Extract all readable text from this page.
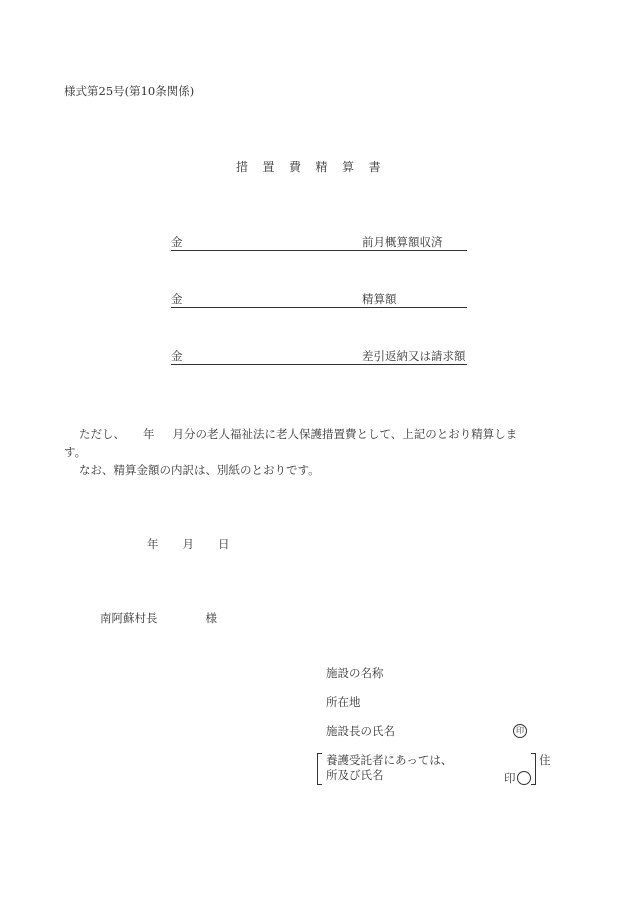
様式第25号(第10条関係)
措 置 費 精 算 書
金	前月概算額収済
金	精算額
金	差引返納又は請求額

ただし、 年 月分の老人福祉法に老人保護措置費として、上記のとおり精算しま

す。

なお、精算金額の内訳は、別紙のとおりです。

年 月 日
南阿蘇村長	様
施設の名称
所在地
施設長の氏名	印
養護受託者にあっては、
所及び氏名	印
住
